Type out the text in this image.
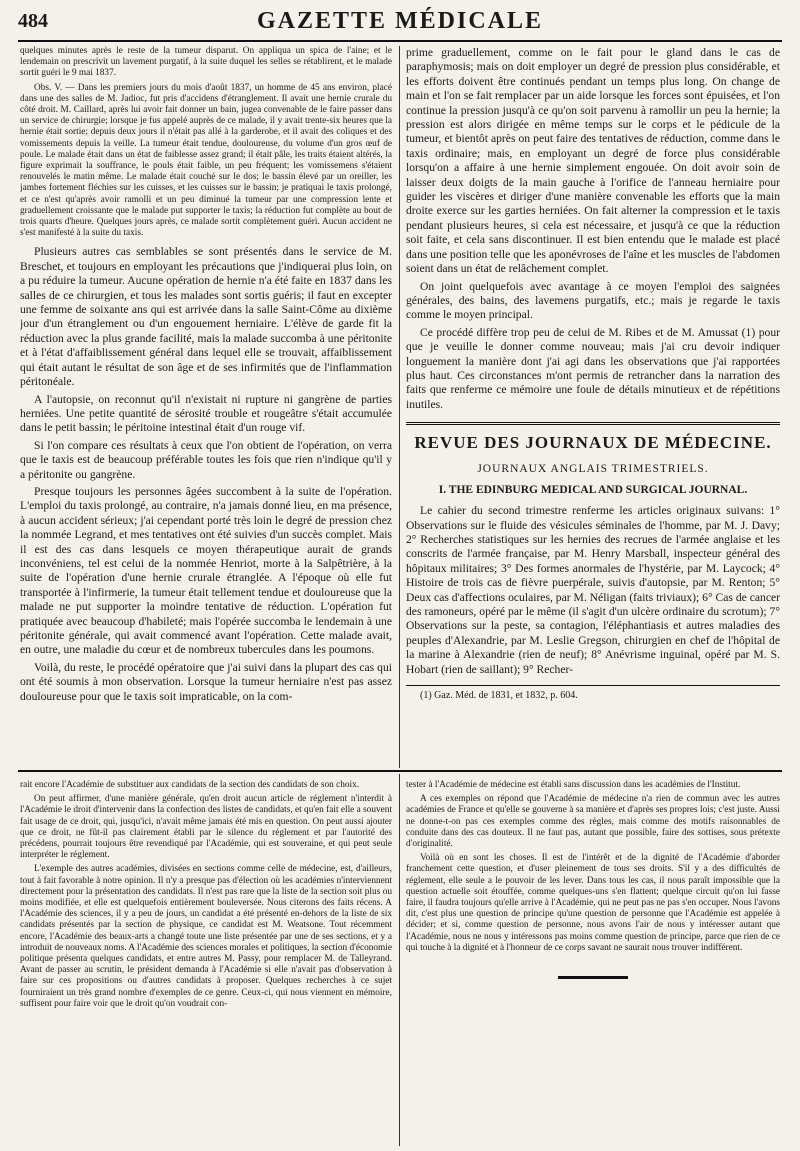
484	GAZETTE MÉDICALE

quelques minutes après le reste de la tumeur disparut. On appliqua un spica de l'aine; et le lendemain on prescrivit un lavement purgatif, à la suite duquel les selles se rétablirent, et le malade sortit guéri le 9 mai 1837.

Obs. V. — Dans les premiers jours du mois d'août 1837, un homme de 45 ans environ, placé dans une des salles de M. Jadioc, fut pris d'accidens d'étranglement. Il avait une hernie crurale du côté droit. M. Caillard, après lui avoir fait donner un bain, jugea convenable de le faire passer dans un service de chirurgie; lorsque je fus appelé auprès de ce malade, il y avait trente-six heures que la hernie était sortie; depuis deux jours il n'était pas allé à la garderobe, et il avait des coliques et des vomissements depuis la veille. La tumeur était tendue, douloureuse, du volume d'un gros œuf de poule. Le malade était dans un état de faiblesse assez grand; il était pâle, les traits étaient altérés, la figure exprimait la souffrance, le pouls était faible, un peu fréquent; les vomissemens s'étaient renouvelés le matin même. Le malade était couché sur le dos; le bassin élevé par un oreiller, les jambes fortement fléchies sur les cuisses, et les cuisses sur le bassin; je pratiquai le taxis prolongé, et ce n'est qu'après avoir ramolli et un peu diminué la tumeur par une compression lente et graduellement croissante que le malade put supporter le taxis; la réduction fut complète au bout de trois quarts d'heure. Quelques jours après, ce malade sortit complètement guéri. Aucun accident ne s'est manifesté à la suite du taxis.

Plusieurs autres cas semblables se sont présentés dans le service de M. Breschet, et toujours en employant les précautions que j'indiquerai plus loin, on a pu réduire la tumeur. Aucune opération de hernie n'a été faite en 1837 dans les salles de ce chirurgien, et tous les malades sont sortis guéris; il faut en excepter une femme de soixante ans qui est arrivée dans la salle Saint-Côme au dixième jour d'un étranglement ou d'un engouement herniaire. L'élève de garde fit la réduction avec la plus grande facilité, mais la malade succomba à une péritonite et à l'état d'affaiblissement général dans lequel elle se trouvait, affaiblissement qui était autant le résultat de son âge et de ses infirmités que de l'inflammation péritonéale.

A l'autopsie, on reconnut qu'il n'existait ni rupture ni gangrène de parties herniées. Une petite quantité de sérosité trouble et rougeâtre s'était accumulée dans le petit bassin; le péritoine intestinal était d'un rouge vif.

Si l'on compare ces résultats à ceux que l'on obtient de l'opération, on verra que le taxis est de beaucoup préférable toutes les fois que rien n'indique qu'il y a péritonite ou gangrène.

Presque toujours les personnes âgées succombent à la suite de l'opération. L'emploi du taxis prolongé, au contraire, n'a jamais donné lieu, en ma présence, à aucun accident sérieux; j'ai cependant porté très loin le degré de pression chez la nommée Legrand, et mes tentatives ont été suivies d'un succès complet. Mais il est des cas dans lesquels ce moyen thérapeutique aurait de grands inconvéniens, tel est celui de la nommée Henriot, morte à la Salpêtrière, à la suite de l'opération d'une hernie crurale étranglée. A l'époque où elle fut transportée à l'infirmerie, la tumeur était tellement tendue et douloureuse que la malade ne put supporter la moindre tentative de réduction. L'opération fut pratiquée avec beaucoup d'habileté; mais l'opérée succomba le lendemain à une péritonite générale, qui avait commencé avant l'opération. Cette malade avait, en outre, une maladie du cœur et de nombreux tubercules dans les poumons.

Voilà, du reste, le procédé opératoire que j'ai suivi dans la plupart des cas qui ont été soumis à mon observation. Lorsque la tumeur herniaire n'est pas assez douloureuse pour que le taxis soit impraticable, on la com-

prime graduellement, comme on le fait pour le gland dans le cas de paraphymosis; mais on doit employer un degré de pression plus considérable, et les efforts doivent être continués pendant un temps plus long. On change de main et l'on se fait remplacer par un aide lorsque les forces sont épuisées, et l'on continue la pression jusqu'à ce qu'on soit parvenu à ramollir un peu la hernie; la pression est alors dirigée en même temps sur le corps et le pédicule de la tumeur, et bientôt après on peut faire des tentatives de réduction, comme dans le taxis ordinaire; mais, en employant un degré de force plus considérable lorsqu'on a affaire à une hernie simplement engouée. On doit avoir soin de laisser deux doigts de la main gauche à l'orifice de l'anneau herniaire pour guider les viscères et diriger d'une manière convenable les efforts que la main droite exerce sur les garties herniées. On fait alterner la compression et le taxis pendant plusieurs heures, si cela est nécessaire, et jusqu'à ce que la réduction soit faite, et cela sans discontinuer. Il est bien entendu que le malade est placé dans une position telle que les aponévroses de l'aîne et les muscles de l'abdomen soient dans un état de relâchement complet.

On joint quelquefois avec avantage à ce moyen l'emploi des saignées générales, des bains, des lavemens purgatifs, etc.; mais je regarde le taxis comme le moyen principal.

Ce procédé diffère trop peu de celui de M. Ribes et de M. Amussat (1) pour que je veuille le donner comme nouveau; mais j'ai cru devoir indiquer longuement la manière dont j'ai agi dans les observations que j'ai rapportées plus haut. Ces circonstances m'ont permis de retrancher dans la narration des faits que renferme ce mémoire une foule de détails minutieux et de répétitions inutiles.

REVUE DES JOURNAUX DE MÉDECINE.
JOURNAUX ANGLAIS TRIMESTRIELS.
I. THE EDINBURG MEDICAL AND SURGICAL JOURNAL.

Le cahier du second trimestre renferme les articles originaux suivans: 1° Observations sur le fluide des vésicules séminales de l'homme, par M. J. Davy; 2° Recherches statistiques sur les hernies des recrues de l'armée anglaise et les conscrits de l'armée française, par M. Henry Marsball, inspecteur général des hôpitaux militaires; 3° Des formes anormales de l'hystérie, par M. Laycock; 4° Histoire de trois cas de fièvre puerpérale, suivis d'autopsie, par M. Renton; 5° Deux cas d'affections oculaires, par M. Néligan (faits triviaux); 6° Cas de cancer des ramoneurs, opéré par le même (il s'agit d'un ulcère ordinaire du scrotum); 7° Observations sur la peste, sa contagion, l'éléphantiasis et autres maladies des peuples d'Alexandrie, par M. Leslie Gregson, chirurgien en chef de l'hôpital de la marine à Alexandrie (rien de neuf); 8° Anévrisme inguinal, opéré par M. S. Hobart (rien de saillant); 9° Recher-

(1) Gaz. Méd. de 1831, et 1832, p. 604.

rait encore l'Académie de substituer aux candidats de la section des candidats de son choix.

On peut affirmer, d'une manière générale, qu'en droit aucun article de réglement n'interdit à l'Académie le droit d'intervenir dans la confection des listes de candidats, et qu'en fait elle a souvent fait usage de ce droit, qui, jusqu'ici, n'avait même jamais été mis en question. On peut aussi ajouter que ce droit, ne fût-il pas clairement établi par le silence du réglement et par l'autorité des précédens, pourrait toujours être revendiqué par l'Académie, qui est souveraine, et qui peut seule interpréter le réglement.

L'exemple des autres académies, divisées en sections comme celle de médecine, est, d'ailleurs, tout à fait favorable à notre opinion. Il n'y a presque pas d'élection où les académies n'interviennent directement pour la présentation des candidats. Il n'est pas rare que la liste de la section soit plus ou moins modifiée, et elle est quelquefois entièrement bouleversée. Nous citerons des faits récens. A l'Académie des sciences, il y a peu de jours, un candidat a été présenté en-dehors de la liste de six candidats présentés par la section de physique, ce candidat est M. Weatsone. Tout récemment encore, l'Académie des beaux-arts a changé toute une liste présentée par une de ses sections, et y a introduit de nouveaux noms. A l'Académie des sciences morales et politiques, la section d'économie politique présenta quelques candidats, et entre autres M. Passy, pour remplacer M. de Talleyrand. Avant de passer au scrutin, le président demanda à l'Académie si elle n'avait pas d'observation à faire sur ces propositions ou d'autres candidats à proposer. Quelques recherches à ce sujet fourniraient un très grand nombre d'exemples de ce genre. Ceux-ci, qui nous viennent en mémoire, suffisent pour faire voir que le droit qu'on voudrait con-

tester à l'Académie de médecine est établi sans discussion dans les académies de l'Institut.

A ces exemples on répond que l'Académie de médecine n'a rien de commun avec les autres académies de France et qu'elle se gouverne à sa manière et d'après ses propres lois; c'est juste. Aussi ne donne-t-on pas ces exemples comme des règles, mais comme des motifs raisonnables de conduite dans des cas douteux. Il ne faut pas, autant que possible, faire des sottises, sous prétexte d'originalité.

Voilà où en sont les choses. Il est de l'intérêt et de la dignité de l'Académie d'aborder franchement cette question, et d'user pleinement de tous ses droits. S'il y a des difficultés de réglement, elle seule a le pouvoir de les lever. Dans tous les cas, il nous paraît impossible que la question actuelle soit étouffée, comme quelques-uns s'en flattent; quelque circuit qu'on lui fasse faire, il faudra toujours qu'elle arrive à l'Académie, qui ne peut pas ne pas s'en occuper. Nous l'avons dit, c'est plus une question de principe qu'une question de personne que l'Académie est appelée à décider; et si, comme question de personne, nous avons l'air de nous y intéresser autant que l'Académie, nous ne nous y intéressons pas moins comme question de principe, parce que rien de ce qui touche à la dignité et à l'honneur de ce corps savant ne saurait nous trouver indifférent.
